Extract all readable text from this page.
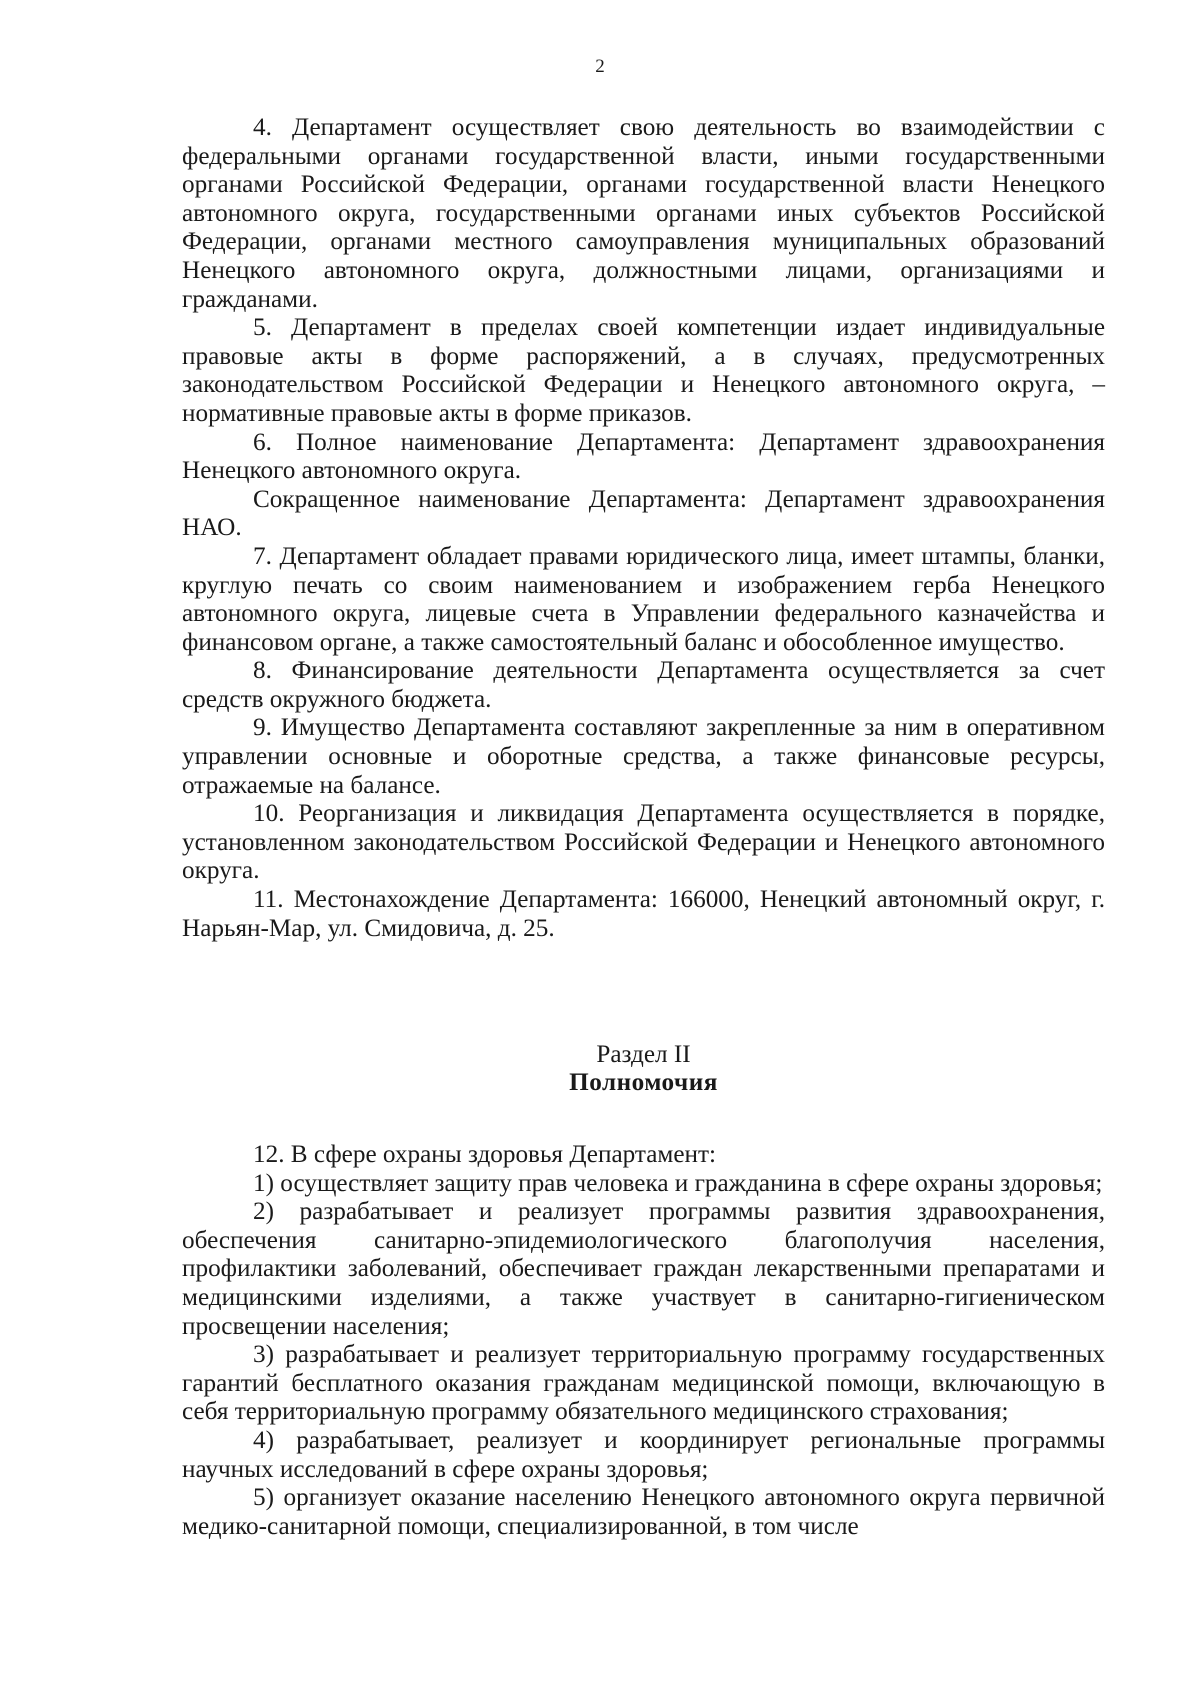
2

4. Департамент осуществляет свою деятельность во взаимодействии с федеральными органами государственной власти, иными государственными органами Российской Федерации, органами государственной власти Ненецкого автономного округа, государственными органами иных субъектов Российской Федерации, органами местного самоуправления муниципальных образований Ненецкого автономного округа, должностными лицами, организациями и гражданами.

5. Департамент в пределах своей компетенции издает индивидуальные правовые акты в форме распоряжений, а в случаях, предусмотренных законодательством Российской Федерации и Ненецкого автономного округа, – нормативные правовые акты в форме приказов.

6. Полное наименование Департамента: Департамент здравоохранения Ненецкого автономного округа.

Сокращенное наименование Департамента: Департамент здравоохранения НАО.

7. Департамент обладает правами юридического лица, имеет штампы, бланки, круглую печать со своим наименованием и изображением герба Ненецкого автономного округа, лицевые счета в Управлении федерального казначейства и финансовом органе, а также самостоятельный баланс и обособленное имущество.

8. Финансирование деятельности Департамента осуществляется за счет средств окружного бюджета.

9. Имущество Департамента составляют закрепленные за ним в оперативном управлении основные и оборотные средства, а также финансовые ресурсы, отражаемые на балансе.

10. Реорганизация и ликвидация Департамента осуществляется в порядке, установленном законодательством Российской Федерации и Ненецкого автономного округа.

11. Местонахождение Департамента: 166000, Ненецкий автономный округ, г. Нарьян-Мар, ул. Смидовича, д. 25.

Раздел II
Полномочия

12. В сфере охраны здоровья Департамент:

1) осуществляет защиту прав человека и гражданина в сфере охраны здоровья;

2) разрабатывает и реализует программы развития здравоохранения, обеспечения санитарно-эпидемиологического благополучия населения, профилактики заболеваний, обеспечивает граждан лекарственными препаратами и медицинскими изделиями, а также участвует в санитарно-гигиеническом просвещении населения;

3) разрабатывает и реализует территориальную программу государственных гарантий бесплатного оказания гражданам медицинской помощи, включающую в себя территориальную программу обязательного медицинского страхования;

4) разрабатывает, реализует и координирует региональные программы научных исследований в сфере охраны здоровья;

5) организует оказание населению Ненецкого автономного округа первичной медико-санитарной помощи, специализированной, в том числе
